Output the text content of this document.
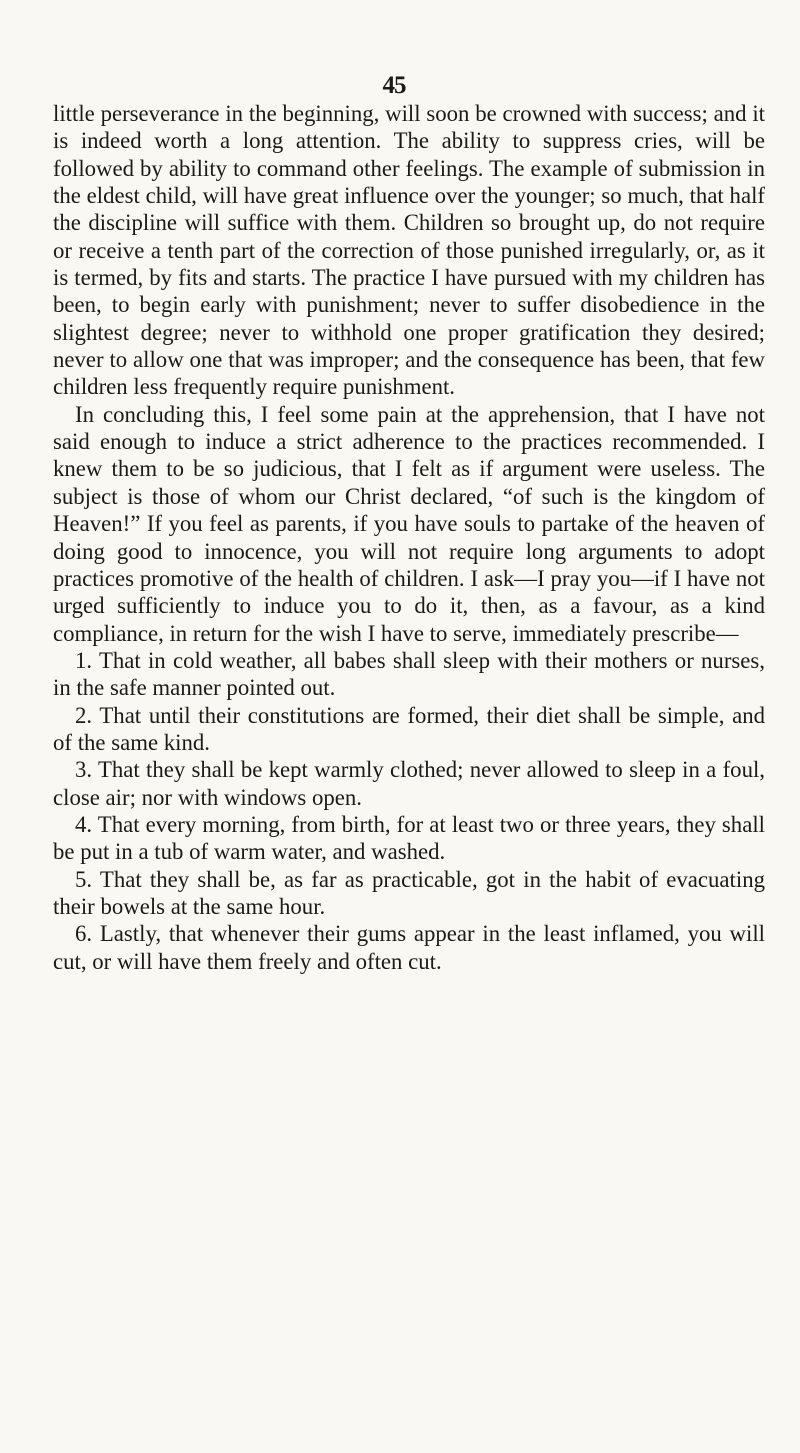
45

little perseverance in the beginning, will soon be crowned with success; and it is indeed worth a long attention. The ability to suppress cries, will be followed by ability to command other feelings. The example of submission in the eldest child, will have great influence over the younger; so much, that half the discipline will suffice with them. Children so brought up, do not require or receive a tenth part of the correction of those punished irregularly, or, as it is termed, by fits and starts. The practice I have pursued with my children has been, to begin early with punishment; never to suffer disobedience in the slightest degree; never to withhold one proper gratification they desired; never to allow one that was improper; and the consequence has been, that few children less frequently require punishment.

In concluding this, I feel some pain at the apprehension, that I have not said enough to induce a strict adherence to the practices recommended. I knew them to be so judicious, that I felt as if argument were useless. The subject is those of whom our Christ declared, “of such is the kingdom of Heaven!” If you feel as parents, if you have souls to partake of the heaven of doing good to innocence, you will not require long arguments to adopt practices promotive of the health of children. I ask—I pray you—if I have not urged sufficiently to induce you to do it, then, as a favour, as a kind compliance, in return for the wish I have to serve, immediately prescribe—

1. That in cold weather, all babes shall sleep with their mothers or nurses, in the safe manner pointed out.

2. That until their constitutions are formed, their diet shall be simple, and of the same kind.

3. That they shall be kept warmly clothed; never allowed to sleep in a foul, close air; nor with windows open.

4. That every morning, from birth, for at least two or three years, they shall be put in a tub of warm water, and washed.

5. That they shall be, as far as practicable, got in the habit of evacuating their bowels at the same hour.

6. Lastly, that whenever their gums appear in the least inflamed, you will cut, or will have them freely and often cut.
